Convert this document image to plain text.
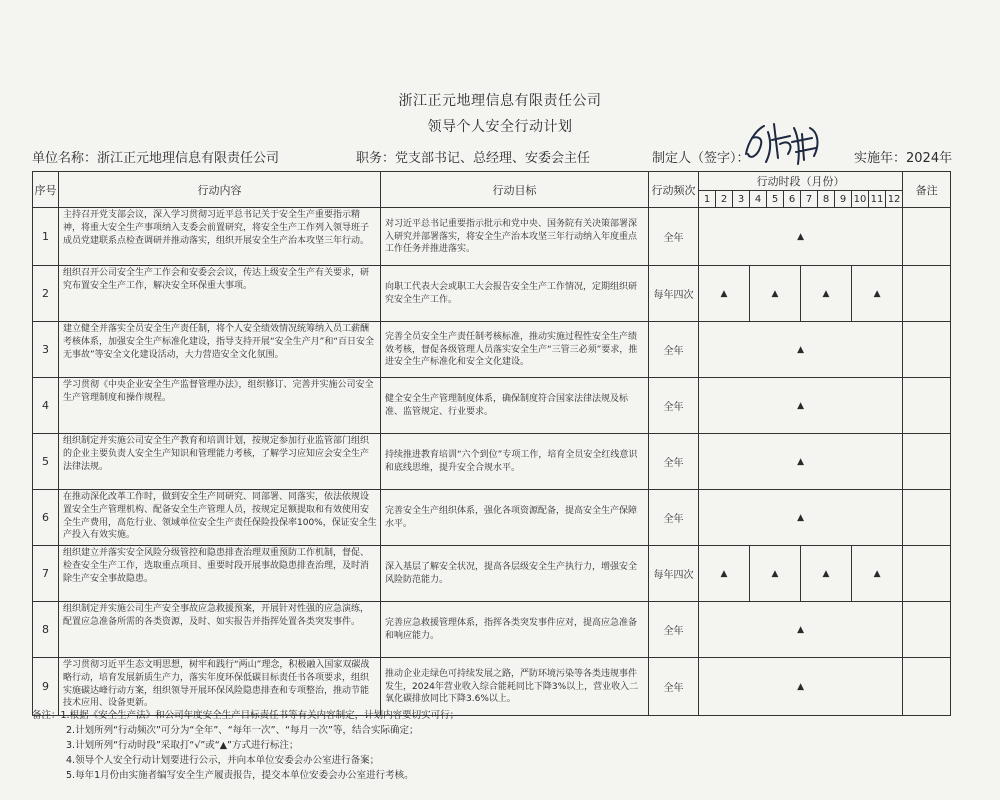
浙江正元地理信息有限责任公司
领导个人安全行动计划
单位名称：浙江正元地理信息有限责任公司	职务：党支部书记、总经理、安委会主任	制定人（签字）：	实施年：2024年
序号	行动内容	行动目标	行动频次	行动时段（月份）												备注
				1	2	3	4	5	6	7	8	9	10	11	12	
1	主持召开党支部会议，深入学习贯彻习近平总书记关于安全生产重要指示精神，将重大安全生产事项纳入支委会前置研究，将安全生产工作列入领导班子成员党建联系点检查调研并推动落实，组织开展安全生产治本攻坚三年行动。	对习近平总书记重要指示批示和党中央、国务院有关决策部署深入研究并部署落实，将安全生产治本攻坚三年行动纳入年度重点工作任务并推进落实。	全年	▲												
2	组织召开公司安全生产工作会和安委会会议，传达上级安全生产有关要求，研究布置安全生产工作，解决安全环保重大事项。	向职工代表大会或职工大会报告安全生产工作情况，定期组织研究安全生产工作。	每年四次	▲			▲			▲			▲			
3	建立健全并落实全员安全生产责任制，将个人安全绩效情况统筹纳入员工薪酬考核体系，加强安全生产标准化建设，指导支持开展“安全生产月”和“百日安全无事故”等安全文化建设活动，大力营造安全文化氛围。	完善全员安全生产责任制考核标准，推动实施过程性安全生产绩效考核，督促各级管理人员落实安全生产“三管三必须”要求，推进安全生产标准化和安全文化建设。	全年	▲												
4	学习贯彻《中央企业安全生产监督管理办法》，组织修订、完善并实施公司安全生产管理制度和操作规程。	健全安全生产管理制度体系，确保制度符合国家法律法规及标准、监管规定、行业要求。	全年	▲												
5	组织制定并实施公司安全生产教育和培训计划，按规定参加行业监管部门组织的企业主要负责人安全生产知识和管理能力考核，了解学习应知应会安全生产法律法规。	持续推进教育培训“六个到位”专项工作，培育全员安全红线意识和底线思维，提升安全合规水平。	全年	▲												
6	在推动深化改革工作时，做到安全生产同研究、同部署、同落实，依法依规设置安全生产管理机构、配备安全生产管理人员，按规定足额提取和有效使用安全生产费用，高危行业、领域单位安全生产责任保险投保率100%，保证安全生产投入有效实施。	完善安全生产组织体系，强化各项资源配备，提高安全生产保障水平。	全年	▲												
7	组织建立并落实安全风险分级管控和隐患排查治理双重预防工作机制，督促、检查安全生产工作，选取重点项目、重要时段开展事故隐患排查治理，及时消除生产安全事故隐患。	深入基层了解安全状况，提高各层级安全生产执行力，增强安全风险防范能力。	每年四次	▲			▲			▲			▲			
8	组织制定并实施公司生产安全事故应急救援预案，开展针对性强的应急演练，配置应急准备所需的各类资源，及时、如实报告并指挥处置各类突发事件。	完善应急救援管理体系，指挥各类突发事件应对，提高应急准备和响应能力。	全年	▲												
9	学习贯彻习近平生态文明思想，树牢和践行“两山”理念，积极融入国家双碳战略行动，培育发展新质生产力，落实年度环保低碳目标责任书各项要求，组织实施碳达峰行动方案，组织领导开展环保风险隐患排查和专项整治，推动节能技术应用、设备更新。	推动企业走绿色可持续发展之路，严防环境污染等各类违规事件发生，2024年营业收入综合能耗同比下降3%以上，营业收入二氧化碳排放同比下降3.6%以上。	全年	▲												
备注：1.根据《安全生产法》和公司年度安全生产目标责任书等有关内容制定，计划内容要切实可行；
2.计划所列“行动频次”可分为“全年”、“每年一次”、“每月一次”等，结合实际确定；
3.计划所列“行动时段”采取打“√”或“▲”方式进行标注；
4.领导个人安全行动计划要进行公示，并向本单位安委会办公室进行备案；
5.每年1月份由实施者编写安全生产履责报告，提交本单位安委会办公室进行考核。
